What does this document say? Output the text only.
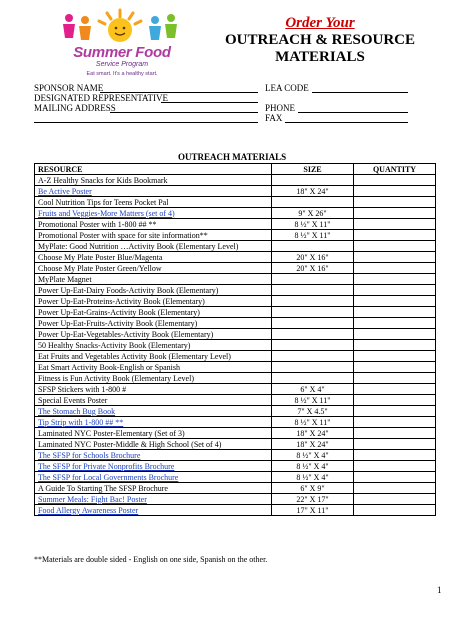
Summer Food
Service Program
Eat smart. It's a healthy start.
Order Your
OUTREACH & RESOURCE
MATERIALS
SPONSOR NAME	LEA CODE
DESIGNATED REPRESENTATIVE
MAILING ADDRESS	PHONE
FAX
OUTREACH MATERIALS
RESOURCE	SIZE	QUANTITY
A-Z Healthy Snacks for Kids Bookmark		
Be Active Poster	18" X 24"	
Cool Nutrition Tips for Teens Pocket Pal		
Fruits and Veggies-More Matters (set of 4)	9" X 26"	
Promotional Poster with 1-800 ## **	8 ½" X 11"	
Promotional Poster with space for site information**	8 ½" X 11"	
MyPlate: Good Nutrition …Activity Book (Elementary Level)		
Choose My Plate Poster Blue/Magenta	20" X 16"	
Choose My Plate Poster Green/Yellow	20" X 16"	
MyPlate Magnet		
Power Up-Eat-Dairy Foods-Activity Book (Elementary)		
Power Up-Eat-Proteins-Activity Book (Elementary)		
Power Up-Eat-Grains-Activity Book (Elementary)		
Power Up-Eat-Fruits-Activity Book (Elementary)		
Power Up-Eat-Vegetables-Activity Book (Elementary)		
50 Healthy Snacks-Activity Book (Elementary)		
Eat Fruits and Vegetables Activity Book (Elementary Level)		
Eat Smart Activity Book-English or Spanish		
Fitness is Fun Activity Book (Elementary Level)		
SFSP Stickers with 1-800 #	6" X 4"	
Special Events Poster	8 ½" X 11"	
The Stomach Bug Book	7" X 4.5"	
Tip Strip with 1-800 ## **	8 ½" X 11"	
Laminated NYC Poster-Elementary (Set of 3)	18" X 24"	
Laminated NYC Poster-Middle & High School (Set of 4)	18" X 24"	
The SFSP for Schools Brochure	8 ½" X 4"	
The SFSP for Private Nonprofits Brochure	8 ½" X 4"	
The SFSP for Local Governments Brochure	8 ½" X 4"	
A Guide To Starting The SFSP Brochure	6" X 9"	
Summer Meals: Fight Bac! Poster	22" X 17"	
Food Allergy Awareness Poster	17" X 11"	
**Materials are double sided - English on one side, Spanish on the other.
1
